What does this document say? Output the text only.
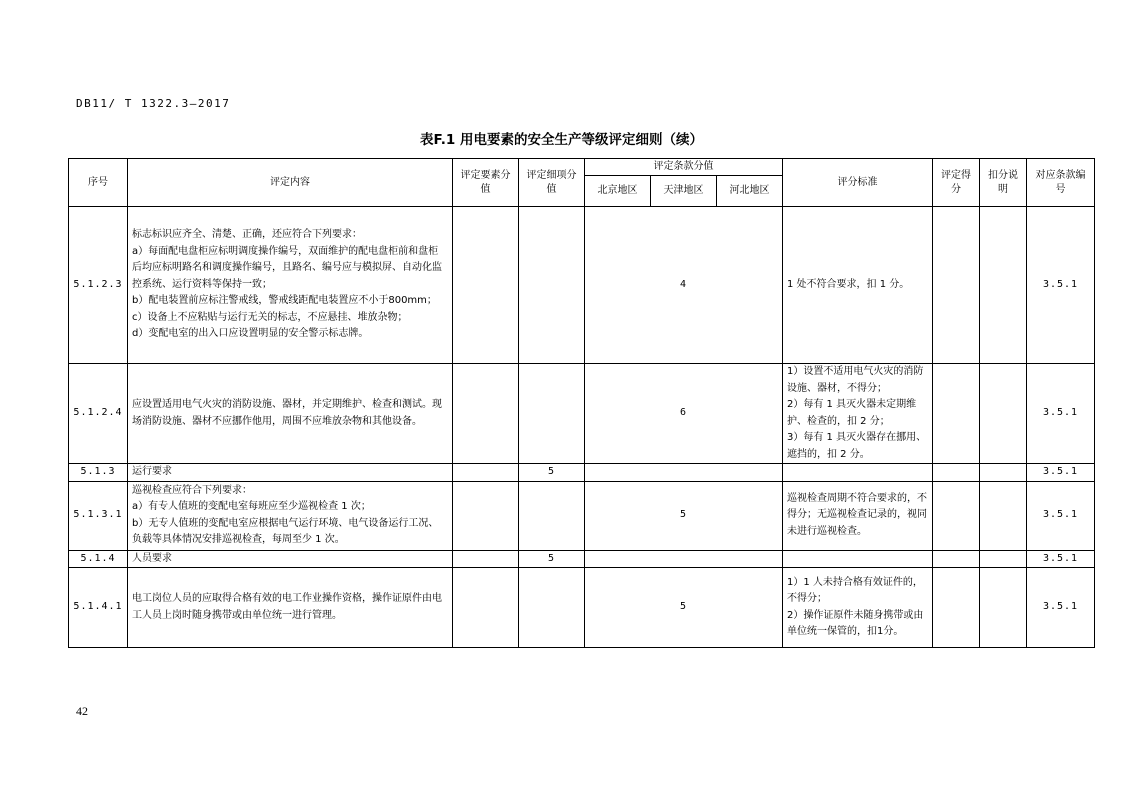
DB11/ T 1322.3—2017
表F.1 用电要素的安全生产等级评定细则（续）
序号	评定内容	评定要素分值	评定细项分值	评定条款分值			评分标准	评定得分	扣分说明	对应条款编号
				北京地区	天津地区	河北地区				
5.1.2.3	标志标识应齐全、清楚、正确，还应符合下列要求：
a）每面配电盘柜应标明调度操作编号，双面维护的配电盘柜前和盘柜后均应标明路名和调度操作编号，且路名、编号应与模拟屏、自动化监控系统、运行资料等保持一致；
b）配电装置前应标注警戒线，警戒线距配电装置应不小于800mm；
c）设备上不应粘贴与运行无关的标志，不应悬挂、堆放杂物；
d）变配电室的出入口应设置明显的安全警示标志牌。			4			1 处不符合要求，扣 1 分。			3.5.1
5.1.2.4	应设置适用电气火灾的消防设施、器材，并定期维护、检查和测试。现场消防设施、器材不应挪作他用，周围不应堆放杂物和其他设备。			6			1）设置不适用电气火灾的消防设施、器材，不得分；
2）每有 1 具灭火器未定期维护、检查的，扣 2 分；
3）每有 1 具灭火器存在挪用、遮挡的，扣 2 分。			3.5.1
5.1.3	运行要求		5							3.5.1
5.1.3.1	巡视检查应符合下列要求：
a）有专人值班的变配电室每班应至少巡视检查 1 次；
b）无专人值班的变配电室应根据电气运行环境、电气设备运行工况、负载等具体情况安排巡视检查，每周至少 1 次。			5			巡视检查周期不符合要求的，不得分；无巡视检查记录的，视同未进行巡视检查。			3.5.1
5.1.4	人员要求		5							3.5.1
5.1.4.1	电工岗位人员的应取得合格有效的电工作业操作资格，操作证原件由电工人员上岗时随身携带或由单位统一进行管理。			5			1）1 人未持合格有效证件的，不得分；
2）操作证原件未随身携带或由单位统一保管的，扣1分。			3.5.1
42
